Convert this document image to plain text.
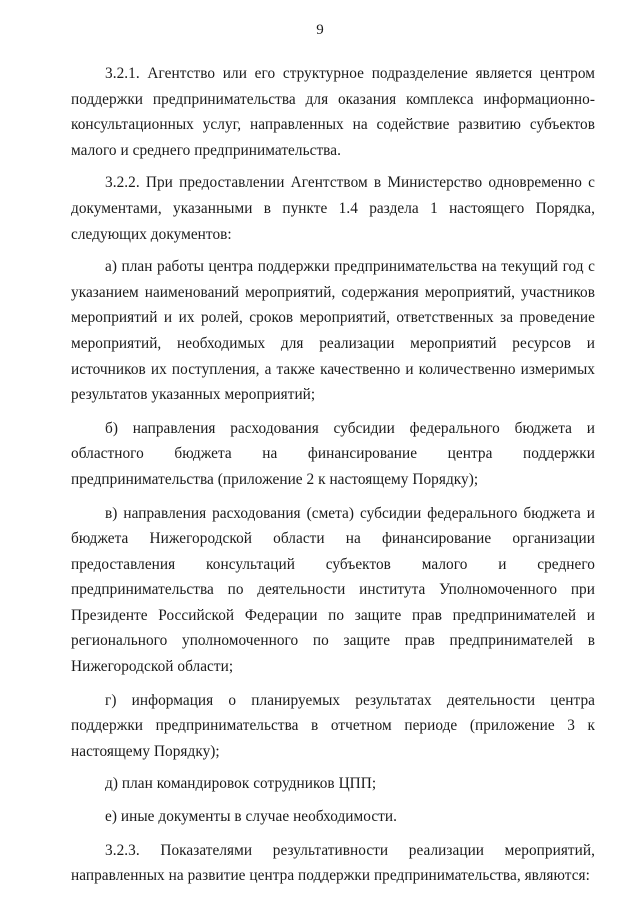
9

3.2.1. Агентство или его структурное подразделение является центром поддержки предпринимательства для оказания комплекса информационно-консультационных услуг, направленных на содействие развитию субъектов малого и среднего предпринимательства.

3.2.2. При предоставлении Агентством в Министерство одновременно с документами, указанными в пункте 1.4 раздела 1 настоящего Порядка, следующих документов:

а) план работы центра поддержки предпринимательства на текущий год с указанием наименований мероприятий, содержания мероприятий, участников мероприятий и их ролей, сроков мероприятий, ответственных за проведение мероприятий, необходимых для реализации мероприятий ресурсов и источников их поступления, а также качественно и количественно измеримых результатов указанных мероприятий;

б) направления расходования субсидии федерального бюджета и областного бюджета на финансирование центра поддержки предпринимательства (приложение 2 к настоящему Порядку);

в) направления расходования (смета) субсидии федерального бюджета и бюджета Нижегородской области на финансирование организации предоставления консультаций субъектов малого и среднего предпринимательства по деятельности института Уполномоченного при Президенте Российской Федерации по защите прав предпринимателей и регионального уполномоченного по защите прав предпринимателей в Нижегородской области;

г) информация о планируемых результатах деятельности центра поддержки предпринимательства в отчетном периоде (приложение 3 к настоящему Порядку);

д) план командировок сотрудников ЦПП;

е) иные документы в случае необходимости.

3.2.3. Показателями результативности реализации мероприятий, направленных на развитие центра поддержки предпринимательства, являются:
